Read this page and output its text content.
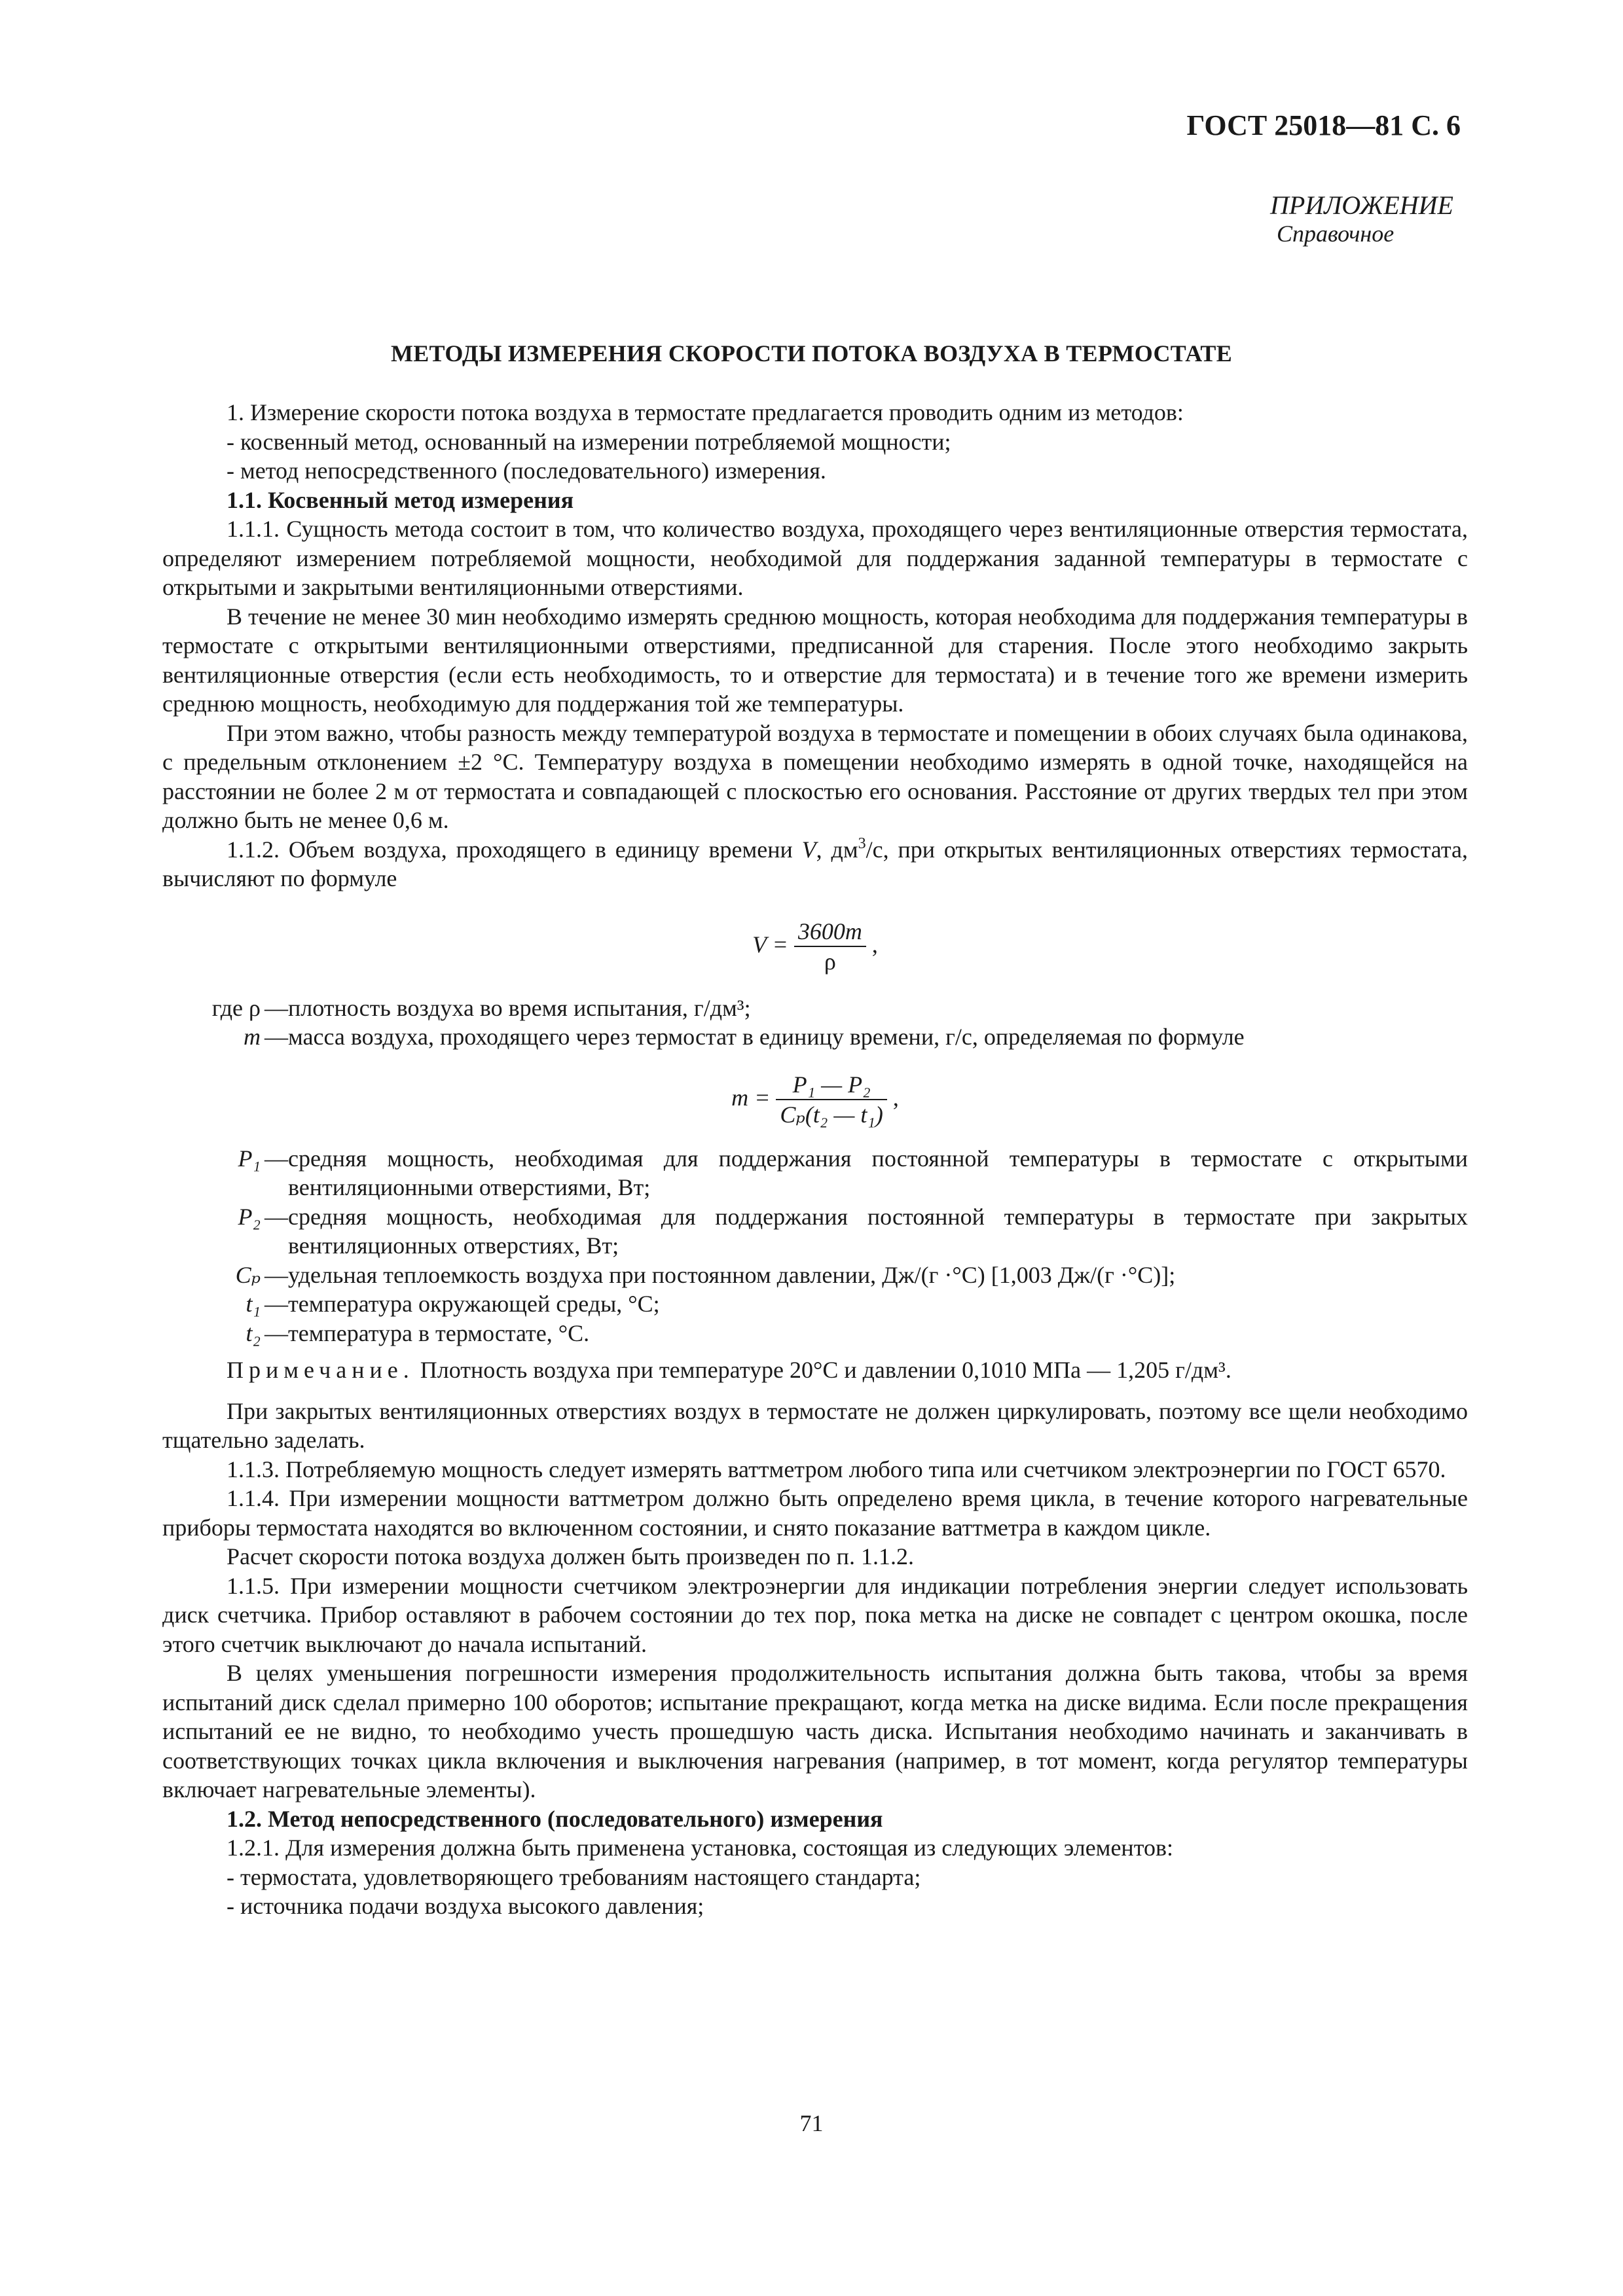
ГОСТ 25018—81 С. 6
ПРИЛОЖЕНИЕ
Справочное
МЕТОДЫ ИЗМЕРЕНИЯ СКОРОСТИ ПОТОКА ВОЗДУХА В ТЕРМОСТАТЕ

1. Измерение скорости потока воздуха в термостате предлагается проводить одним из методов:

- косвенный метод, основанный на измерении потребляемой мощности;

- метод непосредственного (последовательного) измерения.

1.1. Косвенный метод измерения

1.1.1. Сущность метода состоит в том, что количество воздуха, проходящего через вентиляционные отверстия термостата, определяют измерением потребляемой мощности, необходимой для поддержания заданной температуры в термостате с открытыми и закрытыми вентиляционными отверстиями.

В течение не менее 30 мин необходимо измерять среднюю мощность, которая необходима для поддержания температуры в термостате с открытыми вентиляционными отверстиями, предписанной для старения. После этого необходимо закрыть вентиляционные отверстия (если есть необходимость, то и отверстие для термостата) и в течение того же времени измерить среднюю мощность, необходимую для поддержания той же температуры.

При этом важно, чтобы разность между температурой воздуха в термостате и помещении в обоих случаях была одинакова, с предельным отклонением ±2 °С. Температуру воздуха в помещении необходимо измерять в одной точке, находящейся на расстоянии не более 2 м от термостата и совпадающей с плоскостью его основания. Расстояние от других твердых тел при этом должно быть не менее 0,6 м.

1.1.2. Объем воздуха, проходящего в единицу времени V, $дм^3/с$, при открытых вентиляционных отверстиях термостата, вычисляют по формуле

$V = \frac{3600m}{\rho}$ ,
где ρ	—	плотность воздуха во время испытания, г/дм³;
m	—	масса воздуха, проходящего через термостат в единицу времени, г/с, определяемая по формуле
$m = \frac{\text{P₁ — P₂}}{\text{Cₚ(t₂ — t₁)}}$ ,
P₁	—	средняя мощность, необходимая для поддержания постоянной температуры в термостате с открытыми вентиляционными отверстиями, Вт;
P₂	—	средняя мощность, необходимая для поддержания постоянной температуры в термостате при закрытых вентиляционных отверстиях, Вт;
Cₚ	—	удельная теплоемкость воздуха при постоянном давлении, Дж/(г ·°С) [1,003 Дж/(г ·°С)];
t₁	—	температура окружающей среды, °С;
t₂	—	температура в термостате, °С.

Примечание. Плотность воздуха при температуре 20°С и давлении 0,1010 МПа — 1,205 г/дм³.

При закрытых вентиляционных отверстиях воздух в термостате не должен циркулировать, поэтому все щели необходимо тщательно заделать.

1.1.3. Потребляемую мощность следует измерять ваттметром любого типа или счетчиком электроэнергии по ГОСТ 6570.

1.1.4. При измерении мощности ваттметром должно быть определено время цикла, в течение которого нагревательные приборы термостата находятся во включенном состоянии, и снято показание ваттметра в каждом цикле.

Расчет скорости потока воздуха должен быть произведен по п. 1.1.2.

1.1.5. При измерении мощности счетчиком электроэнергии для индикации потребления энергии следует использовать диск счетчика. Прибор оставляют в рабочем состоянии до тех пор, пока метка на диске не совпадет с центром окошка, после этого счетчик выключают до начала испытаний.

В целях уменьшения погрешности измерения продолжительность испытания должна быть такова, чтобы за время испытаний диск сделал примерно 100 оборотов; испытание прекращают, когда метка на диске видима. Если после прекращения испытаний ее не видно, то необходимо учесть прошедшую часть диска. Испытания необходимо начинать и заканчивать в соответствующих точках цикла включения и выключения нагревания (например, в тот момент, когда регулятор температуры включает нагревательные элементы).

1.2. Метод непосредственного (последовательного) измерения

1.2.1. Для измерения должна быть применена установка, состоящая из следующих элементов:

- термостата, удовлетворяющего требованиям настоящего стандарта;

- источника подачи воздуха высокого давления;

71
